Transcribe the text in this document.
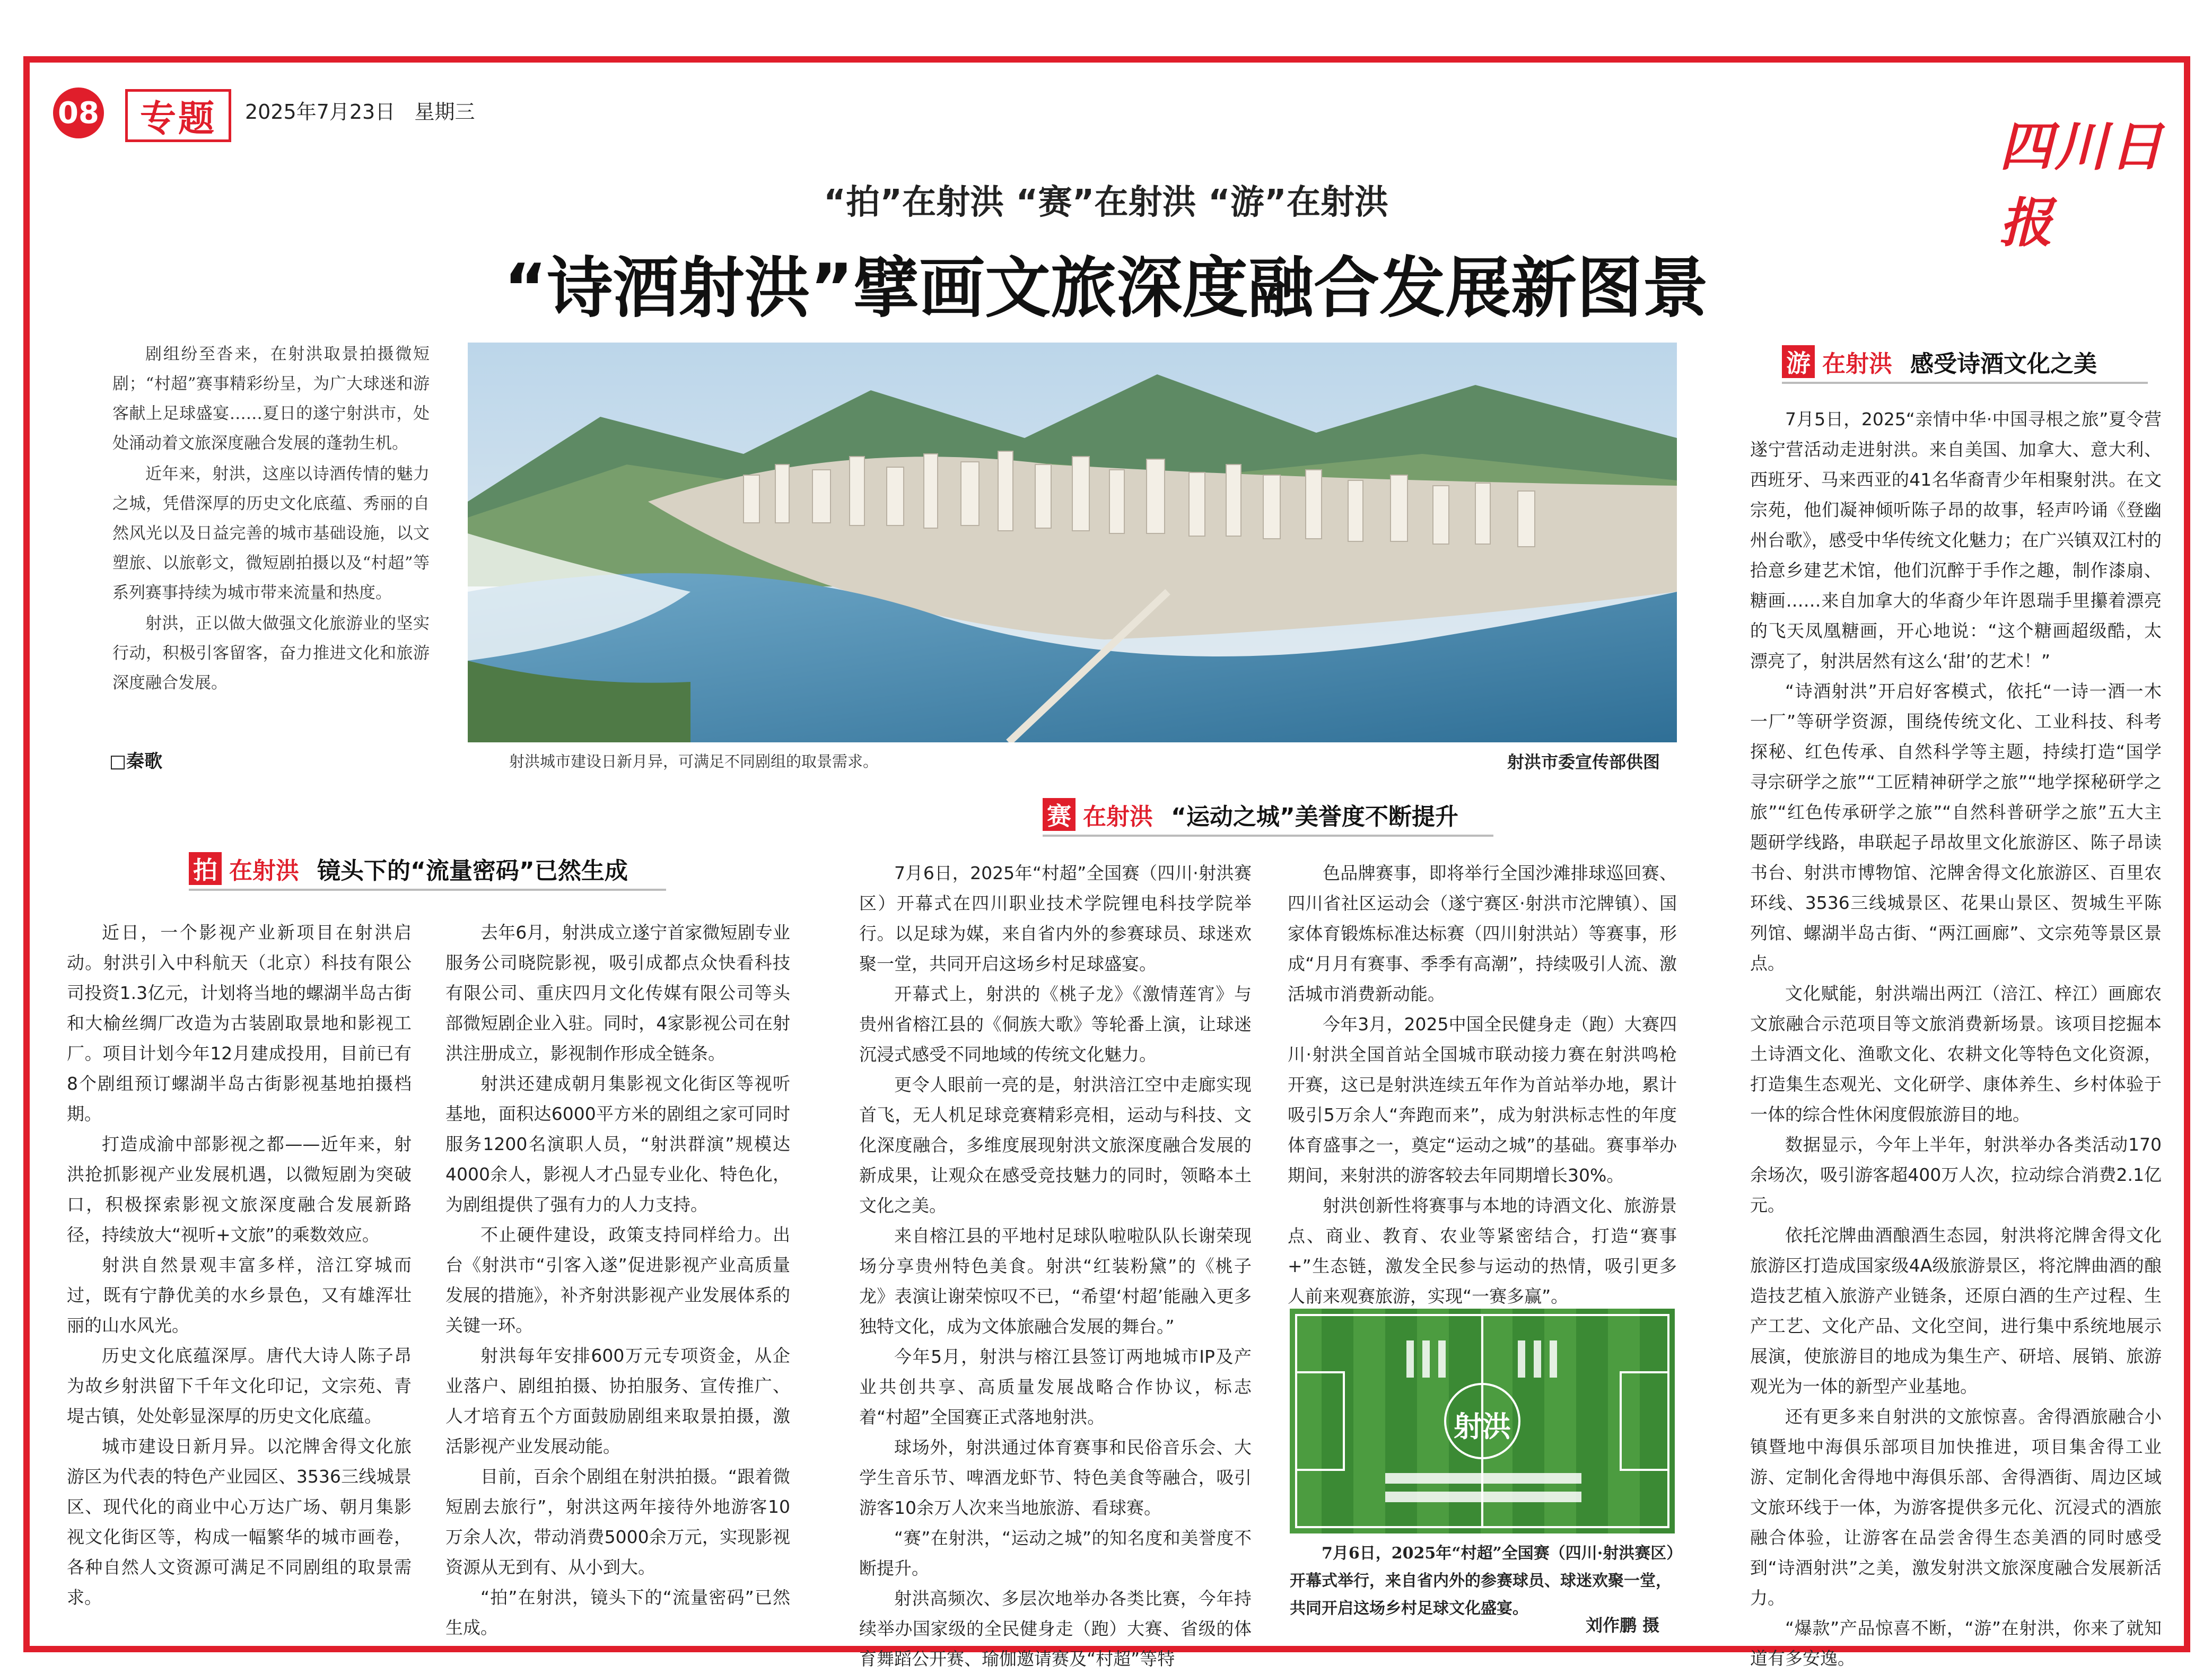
08	专题	2025年7月23日 星期三
四川日报
“拍”在射洪 “赛”在射洪 “游”在射洪
“诗酒射洪”擘画文旅深度融合发展新图景

剧组纷至沓来，在射洪取景拍摄微短剧；“村超”赛事精彩纷呈，为广大球迷和游客献上足球盛宴……夏日的遂宁射洪市，处处涌动着文旅深度融合发展的蓬勃生机。

近年来，射洪，这座以诗酒传情的魅力之城，凭借深厚的历史文化底蕴、秀丽的自然风光以及日益完善的城市基础设施，以文塑旅、以旅彰文，微短剧拍摄以及“村超”等系列赛事持续为城市带来流量和热度。

射洪，正以做大做强文化旅游业的坚实行动，积极引客留客，奋力推进文化和旅游深度融合发展。

□秦歌	射洪城市建设日新月异，可满足不同剧组的取景需求。	射洪市委宣传部供图
拍 在射洪 镜头下的“流量密码”已然生成

近日，一个影视产业新项目在射洪启动。射洪引入中科航天（北京）科技有限公司投资1.3亿元，计划将当地的螺湖半岛古街和大榆丝绸厂改造为古装剧取景地和影视工厂。项目计划今年12月建成投用，目前已有8个剧组预订螺湖半岛古街影视基地拍摄档期。

打造成渝中部影视之都——近年来，射洪抢抓影视产业发展机遇，以微短剧为突破口，积极探索影视文旅深度融合发展新路径，持续放大“视听+文旅”的乘数效应。

射洪自然景观丰富多样，涪江穿城而过，既有宁静优美的水乡景色，又有雄浑壮丽的山水风光。

历史文化底蕴深厚。唐代大诗人陈子昂为故乡射洪留下千年文化印记，文宗苑、青堤古镇，处处彰显深厚的历史文化底蕴。

城市建设日新月异。以沱牌舍得文化旅游区为代表的特色产业园区、3536三线城景区、现代化的商业中心万达广场、朝月集影视文化街区等，构成一幅繁华的城市画卷，各种自然人文资源可满足不同剧组的取景需求。

去年6月，射洪成立遂宁首家微短剧专业服务公司晓院影视，吸引成都点众快看科技有限公司、重庆四月文化传媒有限公司等头部微短剧企业入驻。同时，4家影视公司在射洪注册成立，影视制作形成全链条。

射洪还建成朝月集影视文化街区等视听基地，面积达6000平方米的剧组之家可同时服务1200名演职人员，“射洪群演”规模达4000余人，影视人才凸显专业化、特色化，为剧组提供了强有力的人力支持。

不止硬件建设，政策支持同样给力。出台《射洪市“引客入遂”促进影视产业高质量发展的措施》，补齐射洪影视产业发展体系的关键一环。

射洪每年安排600万元专项资金，从企业落户、剧组拍摄、协拍服务、宣传推广、人才培育五个方面鼓励剧组来取景拍摄，激活影视产业发展动能。

目前，百余个剧组在射洪拍摄。“跟着微短剧去旅行”，射洪这两年接待外地游客10万余人次，带动消费5000余万元，实现影视资源从无到有、从小到大。

“拍”在射洪，镜头下的“流量密码”已然生成。

赛 在射洪 “运动之城”美誉度不断提升

7月6日，2025年“村超”全国赛（四川·射洪赛区）开幕式在四川职业技术学院锂电科技学院举行。以足球为媒，来自省内外的参赛球员、球迷欢聚一堂，共同开启这场乡村足球盛宴。

开幕式上，射洪的《桃子龙》《激情莲宵》与贵州省榕江县的《侗族大歌》等轮番上演，让球迷沉浸式感受不同地域的传统文化魅力。

更令人眼前一亮的是，射洪涪江空中走廊实现首飞，无人机足球竞赛精彩亮相，运动与科技、文化深度融合，多维度展现射洪文旅深度融合发展的新成果，让观众在感受竞技魅力的同时，领略本土文化之美。

来自榕江县的平地村足球队啦啦队队长谢荣现场分享贵州特色美食。射洪“红装粉黛”的《桃子龙》表演让谢荣惊叹不已，“希望‘村超’能融入更多独特文化，成为文体旅融合发展的舞台。”

今年5月，射洪与榕江县签订两地城市IP及产业共创共享、高质量发展战略合作协议，标志着“村超”全国赛正式落地射洪。

球场外，射洪通过体育赛事和民俗音乐会、大学生音乐节、啤酒龙虾节、特色美食等融合，吸引游客10余万人次来当地旅游、看球赛。

“赛”在射洪，“运动之城”的知名度和美誉度不断提升。

射洪高频次、多层次地举办各类比赛，今年持续举办国家级的全民健身走（跑）大赛、省级的体育舞蹈公开赛、瑜伽邀请赛及“村超”等特

色品牌赛事，即将举行全国沙滩排球巡回赛、四川省社区运动会（遂宁赛区·射洪市沱牌镇）、国家体育锻炼标准达标赛（四川射洪站）等赛事，形成“月月有赛事、季季有高潮”，持续吸引人流、激活城市消费新动能。

今年3月，2025中国全民健身走（跑）大赛四川·射洪全国首站全国城市联动接力赛在射洪鸣枪开赛，这已是射洪连续五年作为首站举办地，累计吸引5万余人“奔跑而来”，成为射洪标志性的年度体育盛事之一，奠定“运动之城”的基础。赛事举办期间，来射洪的游客较去年同期增长30%。

射洪创新性将赛事与本地的诗酒文化、旅游景点、商业、教育、农业等紧密结合，打造“赛事+”生态链，激发全民参与运动的热情，吸引更多人前来观赛旅游，实现“一赛多赢”。

射洪
7月6日，2025年“村超”全国赛（四川·射洪赛区）开幕式举行，来自省内外的参赛球员、球迷欢聚一堂，共同开启这场乡村足球文化盛宴。
刘作鹏 摄
游 在射洪 感受诗酒文化之美

7月5日，2025“亲情中华·中国寻根之旅”夏令营遂宁营活动走进射洪。来自美国、加拿大、意大利、西班牙、马来西亚的41名华裔青少年相聚射洪。在文宗苑，他们凝神倾听陈子昂的故事，轻声吟诵《登幽州台歌》，感受中华传统文化魅力；在广兴镇双江村的拾意乡建艺术馆，他们沉醉于手作之趣，制作漆扇、糖画……来自加拿大的华裔少年许恩瑞手里攥着漂亮的飞天凤凰糖画，开心地说：“这个糖画超级酷，太漂亮了，射洪居然有这么‘甜’的艺术！”

“诗酒射洪”开启好客模式，依托“一诗一酒一木一厂”等研学资源，围绕传统文化、工业科技、科考探秘、红色传承、自然科学等主题，持续打造“国学寻宗研学之旅”“工匠精神研学之旅”“地学探秘研学之旅”“红色传承研学之旅”“自然科普研学之旅”五大主题研学线路，串联起子昂故里文化旅游区、陈子昂读书台、射洪市博物馆、沱牌舍得文化旅游区、百里农环线、3536三线城景区、花果山景区、贺城生平陈列馆、螺湖半岛古街、“两江画廊”、文宗苑等景区景点。

文化赋能，射洪端出两江（涪江、梓江）画廊农文旅融合示范项目等文旅消费新场景。该项目挖掘本土诗酒文化、渔歌文化、农耕文化等特色文化资源，打造集生态观光、文化研学、康体养生、乡村体验于一体的综合性休闲度假旅游目的地。

数据显示，今年上半年，射洪举办各类活动170余场次，吸引游客超400万人次，拉动综合消费2.1亿元。

依托沱牌曲酒酿酒生态园，射洪将沱牌舍得文化旅游区打造成国家级4A级旅游景区，将沱牌曲酒的酿造技艺植入旅游产业链条，还原白酒的生产过程、生产工艺、文化产品、文化空间，进行集中系统地展示展演，使旅游目的地成为集生产、研培、展销、旅游观光为一体的新型产业基地。

还有更多来自射洪的文旅惊喜。舍得酒旅融合小镇暨地中海俱乐部项目加快推进，项目集舍得工业游、定制化舍得地中海俱乐部、舍得酒街、周边区域文旅环线于一体，为游客提供多元化、沉浸式的酒旅融合体验，让游客在品尝舍得生态美酒的同时感受到“诗酒射洪”之美，激发射洪文旅深度融合发展新活力。

“爆款”产品惊喜不断，“游”在射洪，你来了就知道有多安逸。
